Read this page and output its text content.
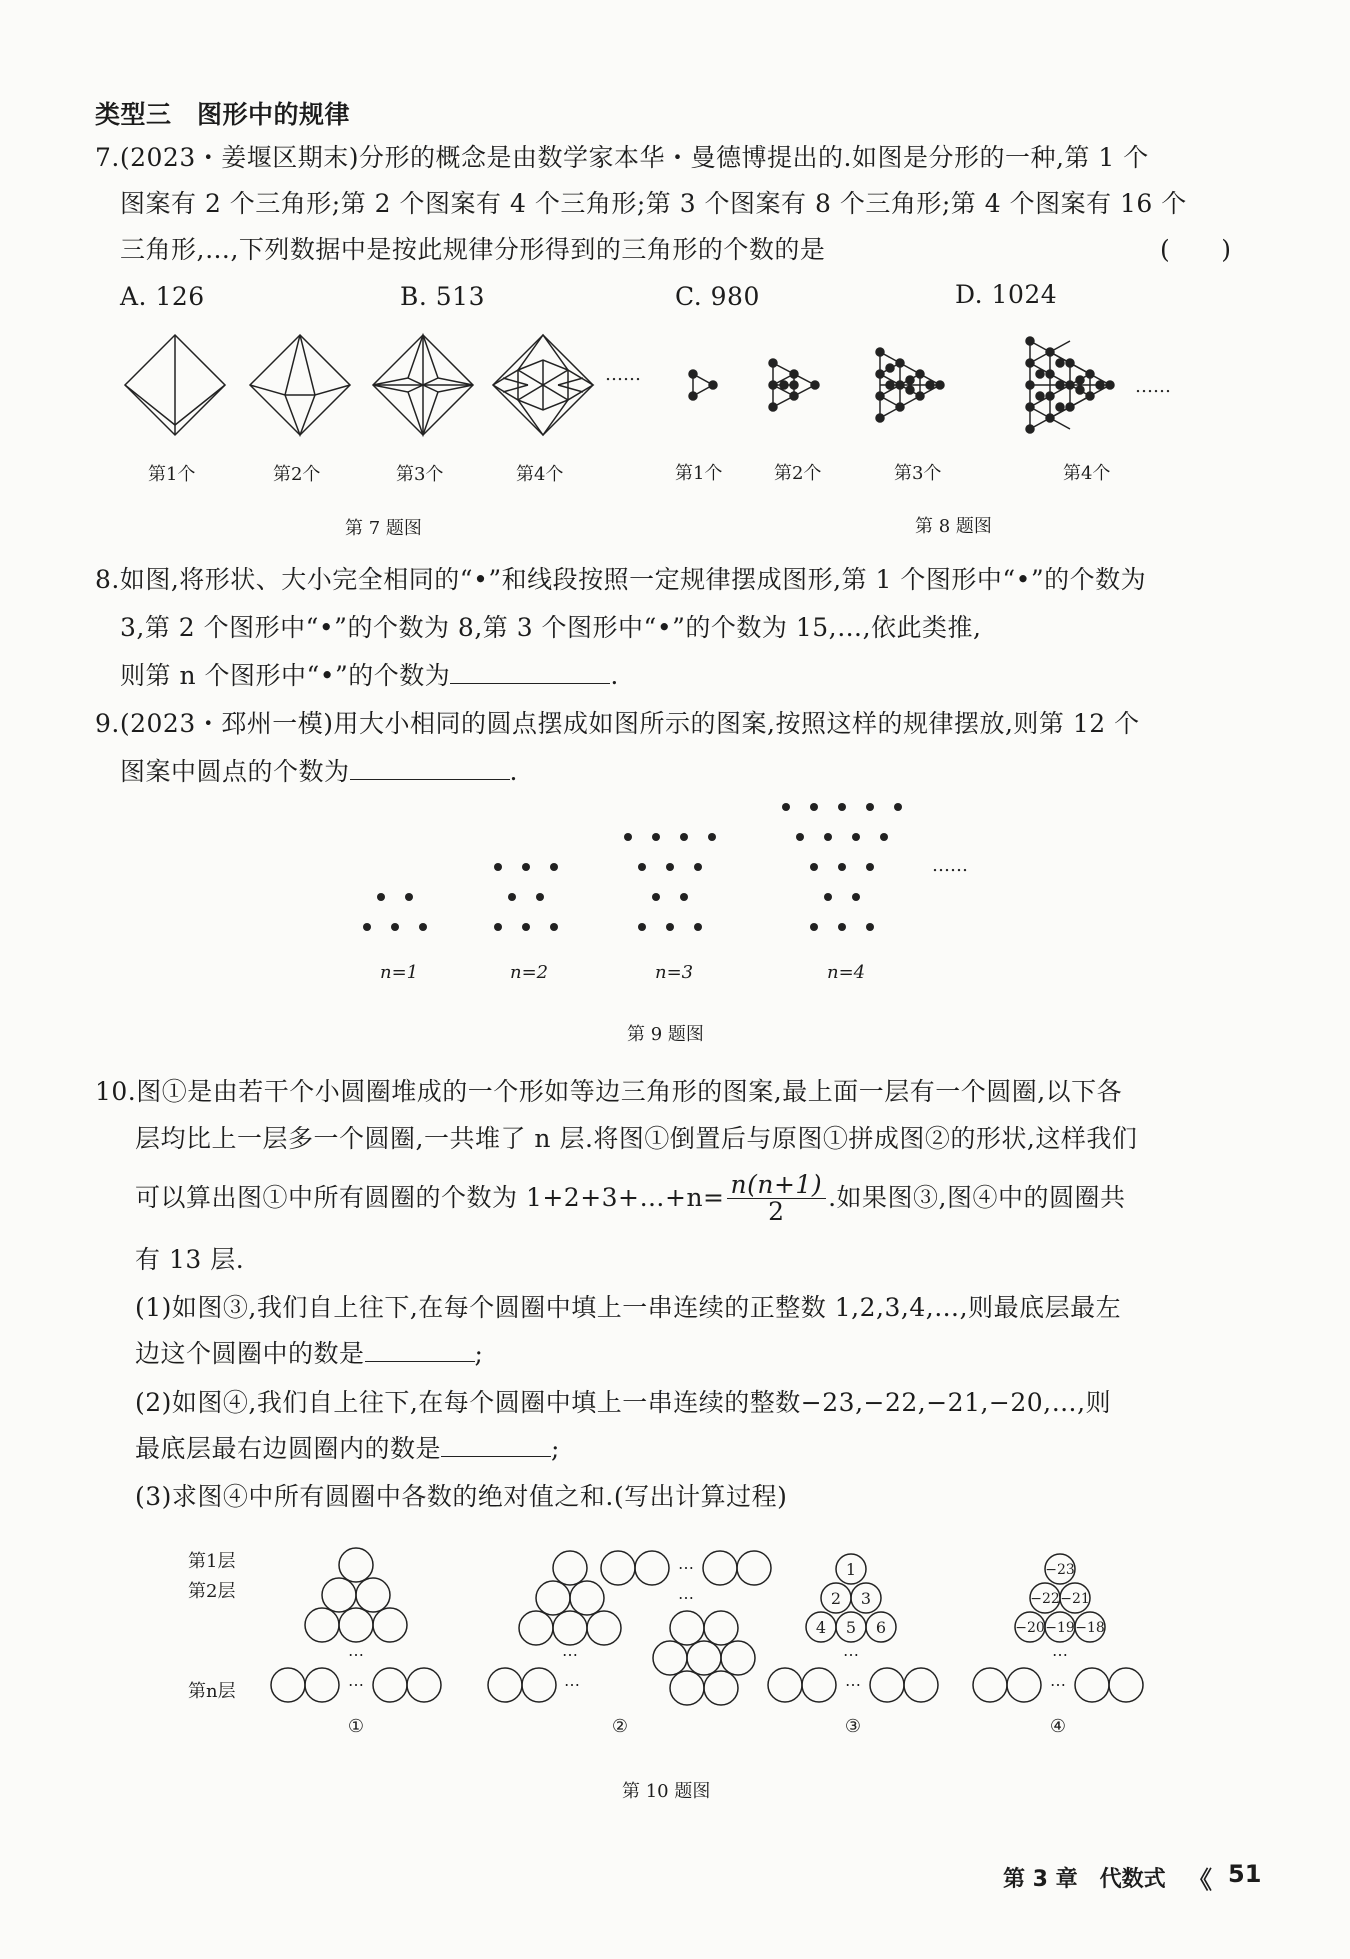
类型三　图形中的规律
7.(2023・姜堰区期末)分形的概念是由数学家本华・曼德博提出的.如图是分形的一种,第 1 个
图案有 2 个三角形;第 2 个图案有 4 个三角形;第 3 个图案有 8 个三角形;第 4 个图案有 16 个
三角形,…,下列数据中是按此规律分形得到的三角形的个数的是	(　　)
A. 126	B. 513	C. 980	D. 1024
……
……
第1个	第2个	第3个	第4个
第 7 题图
第1个	第2个	第3个	第4个
第 8 题图
8.如图,将形状、大小完全相同的“•”和线段按照一定规律摆成图形,第 1 个图形中“•”的个数为
3,第 2 个图形中“•”的个数为 8,第 3 个图形中“•”的个数为 15,…,依此类推,
则第 n 个图形中“•”的个数为	.
9.(2023・邳州一模)用大小相同的圆点摆成如图所示的图案,按照这样的规律摆放,则第 12 个
图案中圆点的个数为	.
……
n=1	n=2	n=3	n=4
第 9 题图
10.图①是由若干个小圆圈堆成的一个形如等边三角形的图案,最上面一层有一个圆圈,以下各
层均比上一层多一个圆圈,一共堆了 n 层.将图①倒置后与原图①拼成图②的形状,这样我们
可以算出图①中所有圆圈的个数为 1+2+3+…+n= $\frac{n(n+1)}{2}$ .如果图③,图④中的圆圈共
有 13 层.
(1)如图③,我们自上往下,在每个圆圈中填上一串连续的正整数 1,2,3,4,…,则最底层最左
边这个圆圈中的数是	;
(2)如图④,我们自上往下,在每个圆圈中填上一串连续的整数−23,−22,−21,−20,…,则
最底层最右边圆圈内的数是	;
(3)求图④中所有圆圈中各数的绝对值之和.(写出计算过程)
第1层
第2层
第n层
⋯
⋯
⋯
⋯
⋯
⋯
⋯
⋯
⋯
⋯
1
2 3
4 5 6
−23
−22 −21
−20 −19 −18
①	②	③	④
第 10 题图
第 3 章　代数式 《 51
